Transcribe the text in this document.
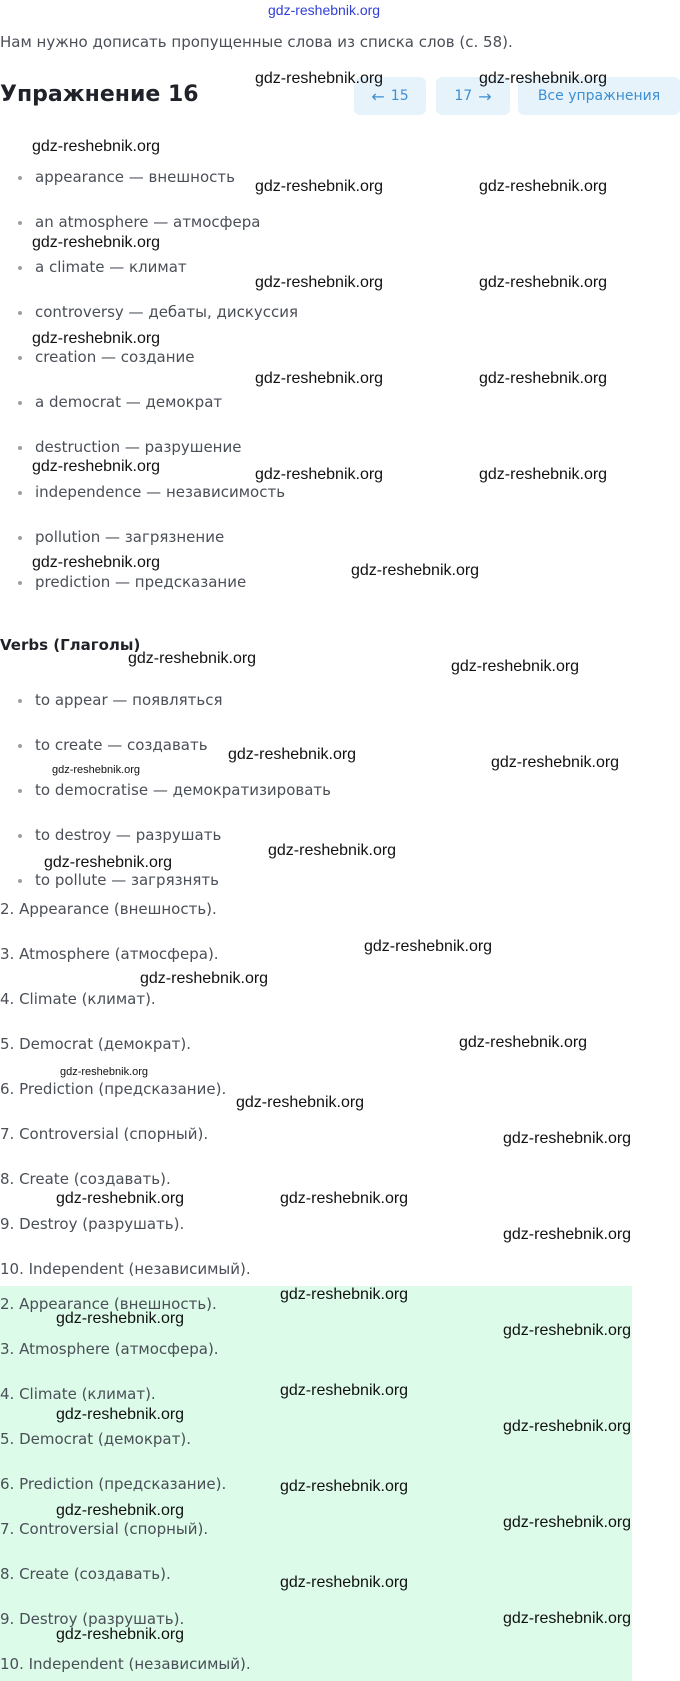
gdz-reshebnik.org
Нам нужно дописать пропущенные слова из списка слов (с. 58).
Упражнение 16	← 15	17 →	Все упражнения
appearance — внешность
an atmosphere — атмосфера
a climate — климат
controversy — дебаты, дискуссия
creation — создание
a democrat — демократ
destruction — разрушение
independence — независимость
pollution — загрязнение
prediction — предсказание
Verbs (Глаголы)
to appear — появляться
to create — создавать
to democratise — демократизировать
to destroy — разрушать
to pollute — загрязнять
2. Appearance (внешность).
3. Atmosphere (атмосфера).
4. Climate (климат).
5. Democrat (демократ).
6. Prediction (предсказание).
7. Controversial (спорный).
8. Create (создавать).
9. Destroy (разрушать).
10. Independent (независимый).
2. Appearance (внешность).
3. Atmosphere (атмосфера).
4. Climate (климат).
5. Democrat (демократ).
6. Prediction (предсказание).
7. Controversial (спорный).
8. Create (создавать).
9. Destroy (разрушать).
10. Independent (независимый).
gdz-reshebnik.org	gdz-reshebnik.org
gdz-reshebnik.org
gdz-reshebnik.org	gdz-reshebnik.org
gdz-reshebnik.org
gdz-reshebnik.org	gdz-reshebnik.org
gdz-reshebnik.org
gdz-reshebnik.org	gdz-reshebnik.org
gdz-reshebnik.org	gdz-reshebnik.org	gdz-reshebnik.org
gdz-reshebnik.org	gdz-reshebnik.org
gdz-reshebnik.org	gdz-reshebnik.org
gdz-reshebnik.org	gdz-reshebnik.org
gdz-reshebnik.org
gdz-reshebnik.org
gdz-reshebnik.org
gdz-reshebnik.org
gdz-reshebnik.org
gdz-reshebnik.org
gdz-reshebnik.org
gdz-reshebnik.org
gdz-reshebnik.org
gdz-reshebnik.org	gdz-reshebnik.org
gdz-reshebnik.org
gdz-reshebnik.org
gdz-reshebnik.org
gdz-reshebnik.org
gdz-reshebnik.org
gdz-reshebnik.org
gdz-reshebnik.org
gdz-reshebnik.org
gdz-reshebnik.org
gdz-reshebnik.org
gdz-reshebnik.org
gdz-reshebnik.org
gdz-reshebnik.org
